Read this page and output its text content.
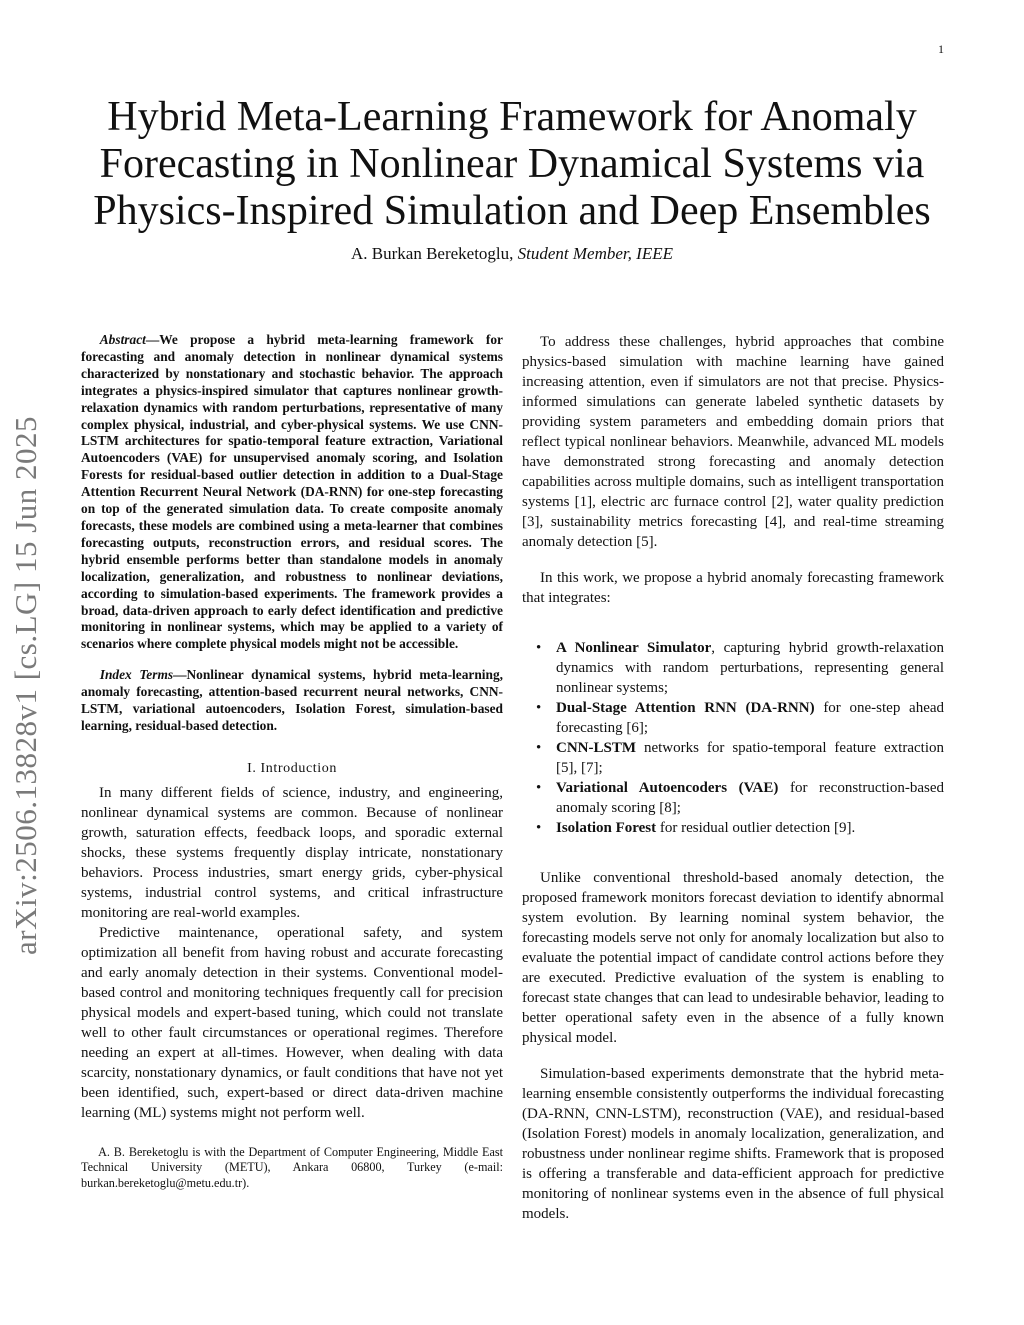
1
arXiv:2506.13828v1 [cs.LG] 15 Jun 2025
Hybrid Meta-Learning Framework for Anomaly
Forecasting in Nonlinear Dynamical Systems via
Physics-Inspired Simulation and Deep Ensembles
A. Burkan Bereketoglu, Student Member, IEEE

Abstract—We propose a hybrid meta-learning framework for forecasting and anomaly detection in nonlinear dynamical systems characterized by nonstationary and stochastic behavior. The approach integrates a physics-inspired simulator that captures nonlinear growth-relaxation dynamics with random perturbations, representative of many complex physical, industrial, and cyber-physical systems. We use CNN-LSTM architectures for spatio-temporal feature extraction, Variational Autoencoders (VAE) for unsupervised anomaly scoring, and Isolation Forests for residual-based outlier detection in addition to a Dual-Stage Attention Recurrent Neural Network (DA-RNN) for one-step forecasting on top of the generated simulation data. To create composite anomaly forecasts, these models are combined using a meta-learner that combines forecasting outputs, reconstruction errors, and residual scores. The hybrid ensemble performs better than standalone models in anomaly localization, generalization, and robustness to nonlinear deviations, according to simulation-based experiments. The framework provides a broad, data-driven approach to early defect identification and predictive monitoring in nonlinear systems, which may be applied to a variety of scenarios where complete physical models might not be accessible.

Index Terms—Nonlinear dynamical systems, hybrid meta-learning, anomaly forecasting, attention-based recurrent neural networks, CNN-LSTM, variational autoencoders, Isolation Forest, simulation-based learning, residual-based detection.

I. Introduction

In many different fields of science, industry, and engineering, nonlinear dynamical systems are common. Because of nonlinear growth, saturation effects, feedback loops, and sporadic external shocks, these systems frequently display intricate, nonstationary behaviors. Process industries, smart energy grids, cyber-physical systems, industrial control systems, and critical infrastructure monitoring are real-world examples.

Predictive maintenance, operational safety, and system optimization all benefit from having robust and accurate forecasting and early anomaly detection in their systems. Conventional model-based control and monitoring techniques frequently call for precision physical models and expert-based tuning, which could not translate well to other fault circumstances or operational regimes. Therefore needing an expert at all-times. However, when dealing with data scarcity, nonstationary dynamics, or fault conditions that have not yet been identified, such, expert-based or direct data-driven machine learning (ML) systems might not perform well.

A. B. Bereketoglu is with the Department of Computer Engineering, Middle East Technical University (METU), Ankara 06800, Turkey (e-mail: burkan.bereketoglu@metu.edu.tr).

To address these challenges, hybrid approaches that combine physics-based simulation with machine learning have gained increasing attention, even if simulators are not that precise. Physics-informed simulations can generate labeled synthetic datasets by providing system parameters and embedding domain priors that reflect typical nonlinear behaviors. Meanwhile, advanced ML models have demonstrated strong forecasting and anomaly detection capabilities across multiple domains, such as intelligent transportation systems [1], electric arc furnace control [2], water quality prediction [3], sustainability metrics forecasting [4], and real-time streaming anomaly detection [5].

In this work, we propose a hybrid anomaly forecasting framework that integrates:

• A Nonlinear Simulator, capturing hybrid growth-relaxation dynamics with random perturbations, representing general nonlinear systems;
• Dual-Stage Attention RNN (DA-RNN) for one-step ahead forecasting [6];
• CNN-LSTM networks for spatio-temporal feature extraction [5], [7];
• Variational Autoencoders (VAE) for reconstruction-based anomaly scoring [8];
• Isolation Forest for residual outlier detection [9].

Unlike conventional threshold-based anomaly detection, the proposed framework monitors forecast deviation to identify abnormal system evolution. By learning nominal system behavior, the forecasting models serve not only for anomaly localization but also to evaluate the potential impact of candidate control actions before they are executed. Predictive evaluation of the system is enabling to forecast state changes that can lead to undesirable behavior, leading to better operational safety even in the absence of a fully known physical model.

Simulation-based experiments demonstrate that the hybrid meta-learning ensemble consistently outperforms the individual forecasting (DA-RNN, CNN-LSTM), reconstruction (VAE), and residual-based (Isolation Forest) models in anomaly localization, generalization, and robustness under nonlinear regime shifts. Framework that is proposed is offering a transferable and data-efficient approach for predictive monitoring of nonlinear systems even in the absence of full physical models.
